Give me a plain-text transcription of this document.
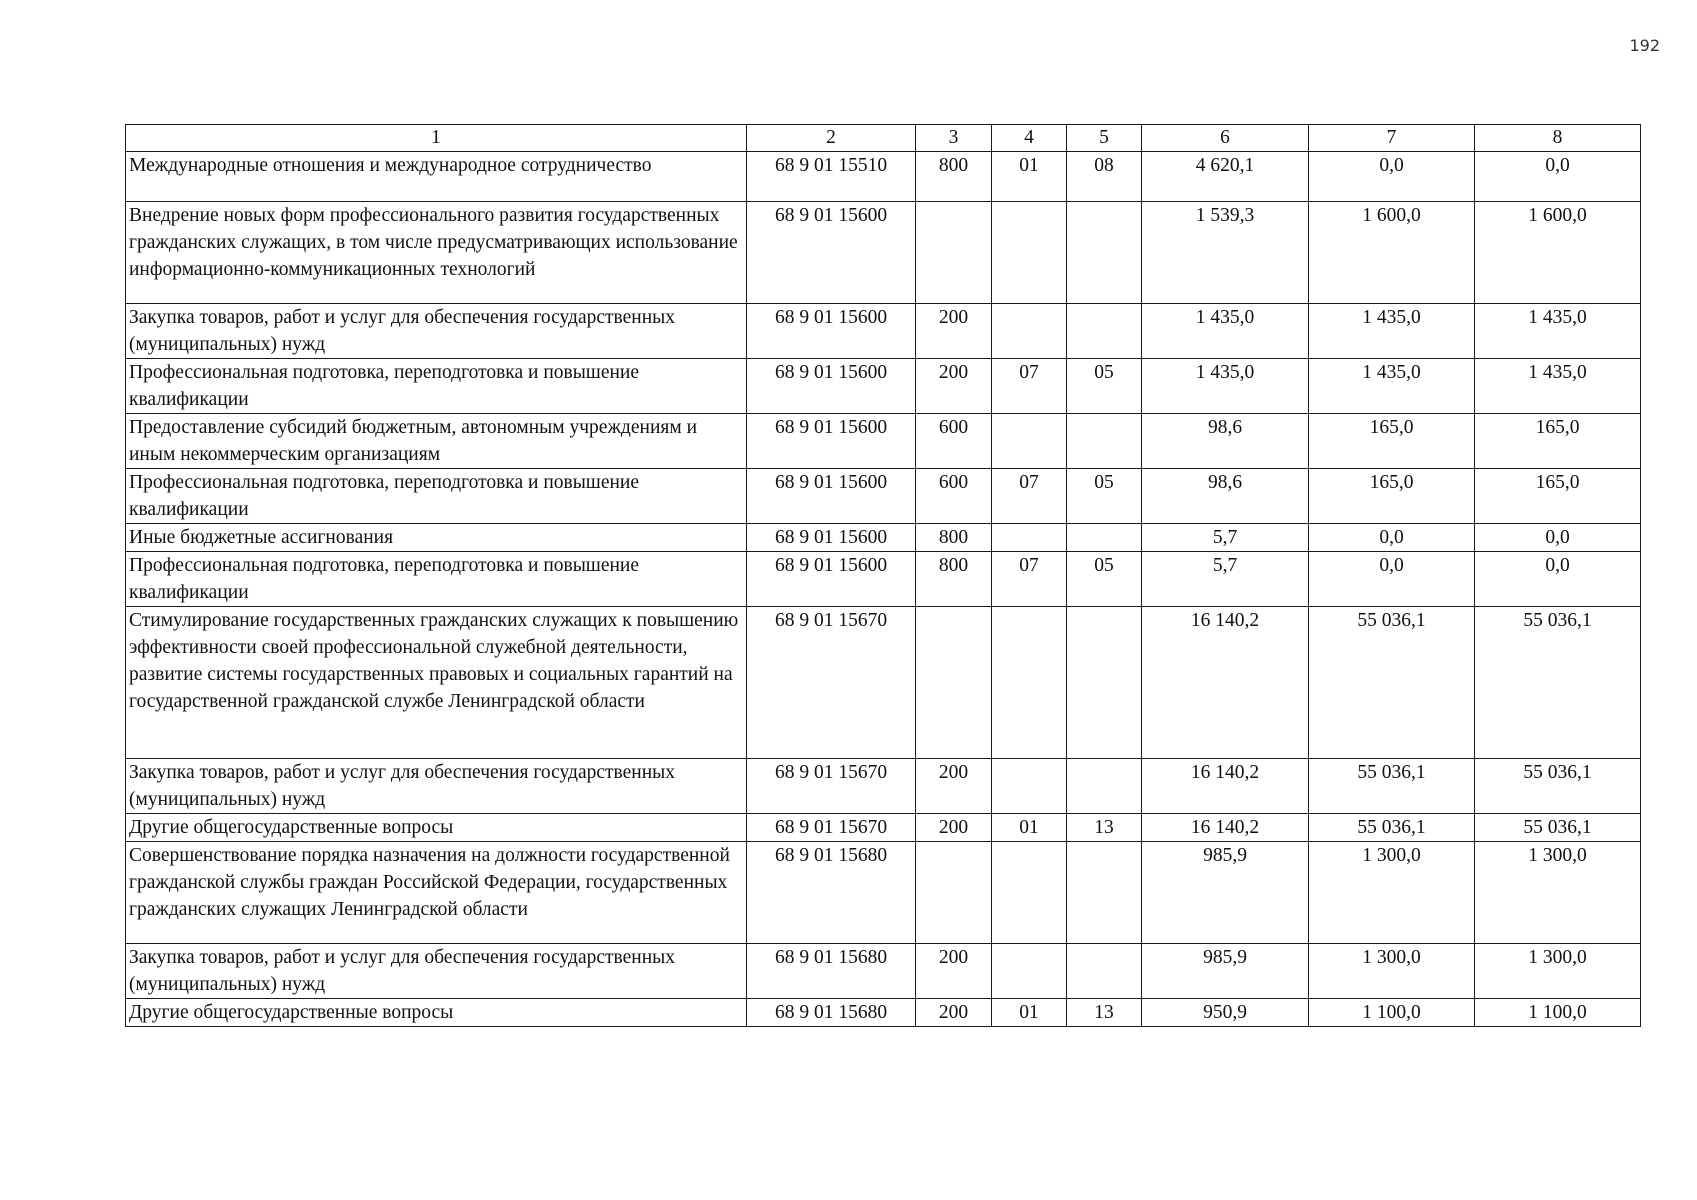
192
1	2	3	4	5	6	7	8
Международные отношения и международное сотрудничество	68 9 01 15510	800	01	08	4 620,1	0,0	0,0
Внедрение новых форм профессионального развития государственных гражданских служащих, в том числе предусматривающих использование информационно-коммуникационных технологий	68 9 01 15600				1 539,3	1 600,0	1 600,0
Закупка товаров, работ и услуг для обеспечения государственных (муниципальных) нужд	68 9 01 15600	200			1 435,0	1 435,0	1 435,0
Профессиональная подготовка, переподготовка и повышение квалификации	68 9 01 15600	200	07	05	1 435,0	1 435,0	1 435,0
Предоставление субсидий бюджетным, автономным учреждениям и иным некоммерческим организациям	68 9 01 15600	600			98,6	165,0	165,0
Профессиональная подготовка, переподготовка и повышение квалификации	68 9 01 15600	600	07	05	98,6	165,0	165,0
Иные бюджетные ассигнования	68 9 01 15600	800			5,7	0,0	0,0
Профессиональная подготовка, переподготовка и повышение квалификации	68 9 01 15600	800	07	05	5,7	0,0	0,0
Стимулирование государственных гражданских служащих к повышению эффективности своей профессиональной служебной деятельности, развитие системы государственных правовых и социальных гарантий на государственной гражданской службе Ленинградской области	68 9 01 15670				16 140,2	55 036,1	55 036,1
Закупка товаров, работ и услуг для обеспечения государственных (муниципальных) нужд	68 9 01 15670	200			16 140,2	55 036,1	55 036,1
Другие общегосударственные вопросы	68 9 01 15670	200	01	13	16 140,2	55 036,1	55 036,1
Совершенствование порядка назначения на должности государственной гражданской службы граждан Российской Федерации, государственных гражданских служащих Ленинградской области	68 9 01 15680				985,9	1 300,0	1 300,0
Закупка товаров, работ и услуг для обеспечения государственных (муниципальных) нужд	68 9 01 15680	200			985,9	1 300,0	1 300,0
Другие общегосударственные вопросы	68 9 01 15680	200	01	13	950,9	1 100,0	1 100,0
